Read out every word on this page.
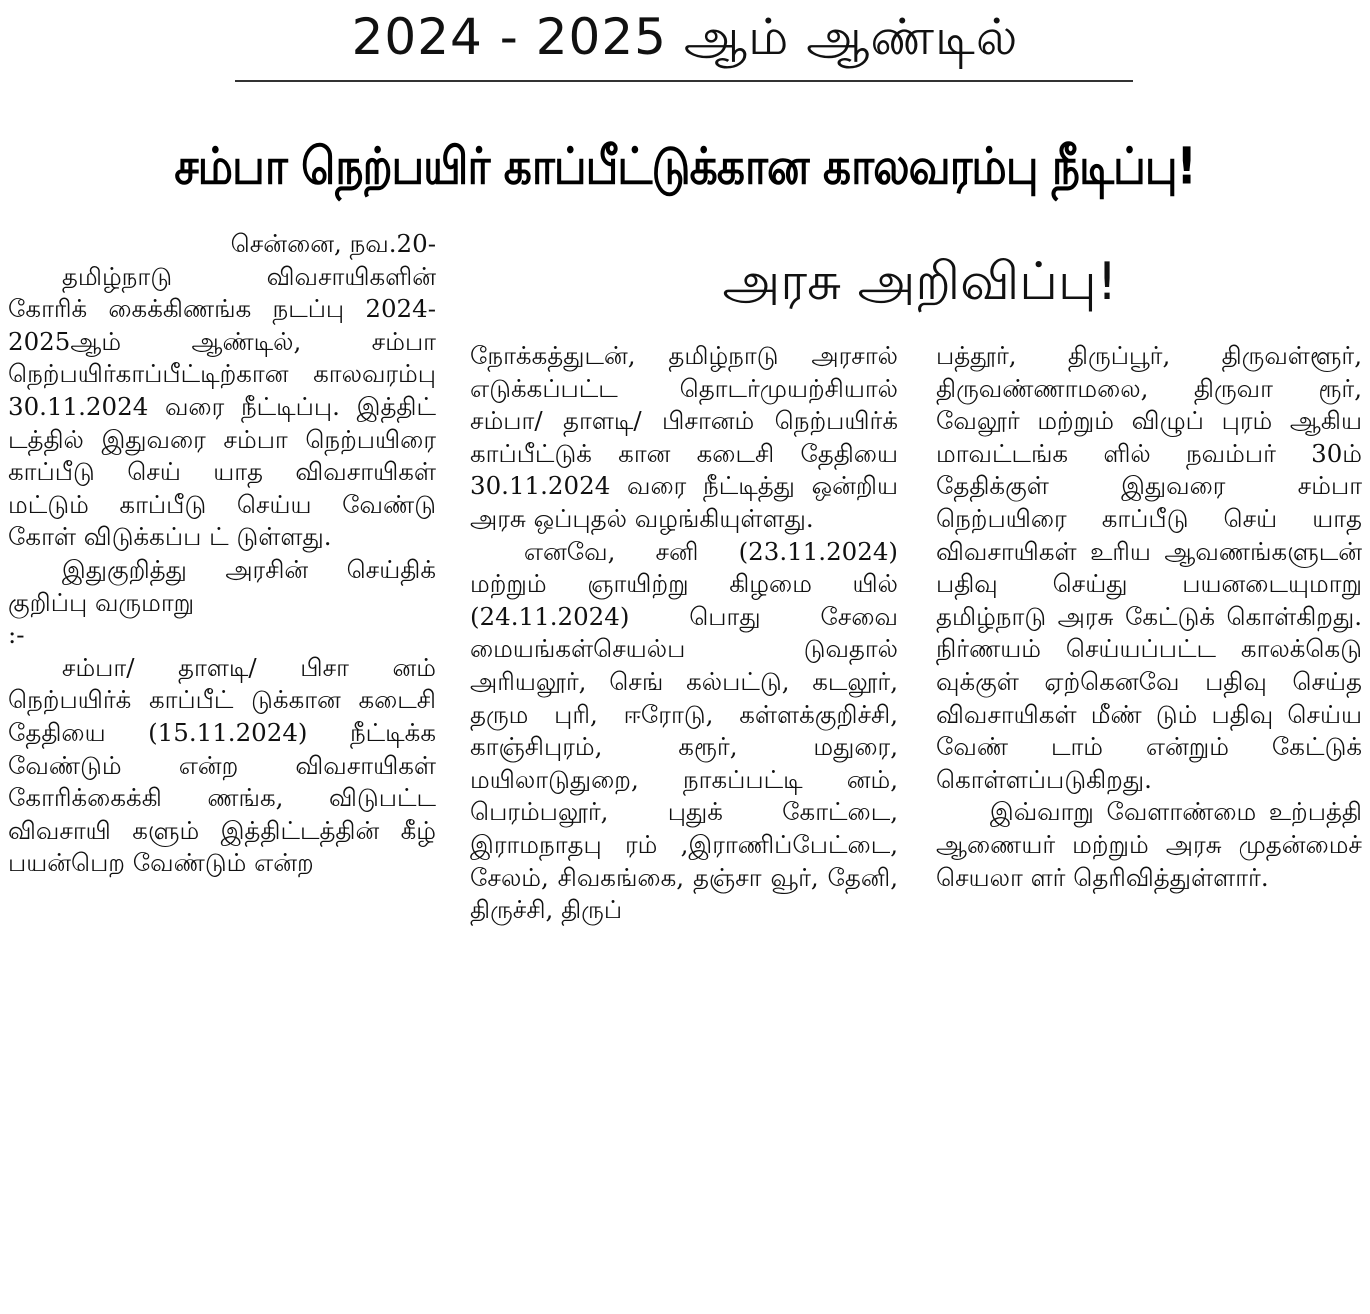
2024 - 2025 ஆம் ஆண்டில்
சம்பா நெற்பயிர் காப்பீட்டுக்கான காலவரம்பு நீடிப்பு!
அரசு அறிவிப்பு!

சென்னை, நவ.20-

தமிழ்நாடு விவசாயிகளின் கோரிக் கைக்கிணங்க நடப்பு 2024-2025ஆம் ஆண்டில், சம்பா நெற்பயிர்காப்பீட்டிற்கான காலவரம்பு 30.11.2024 வரை நீட்டிப்பு. இத்திட் டத்தில் இதுவரை சம்பா நெற்பயிரை காப்பீடு செய் யாத விவசாயிகள் மட்டும் காப்பீடு செய்ய வேண்டு கோள் விடுக்கப்ப ட் டுள்ளது.

இதுகுறித்து அரசின் செய்திக் குறிப்பு வருமாறு

:-

சம்பா/ தாளடி/ பிசா னம் நெற்பயிர்க் காப்பீட் டுக்கான கடைசி தேதியை (15.11.2024) நீட்டிக்க வேண்டும் என்ற விவசாயிகள் கோரிக்கைக்கி ணங்க, விடுபட்ட விவசாயி களும் இத்திட்டத்தின் கீழ் பயன்பெற வேண்டும் என்ற

நோக்கத்துடன், தமிழ்நாடு அரசால் எடுக்கப்பட்ட தொடர்முயற்சியால் சம்பா/ தாளடி/ பிசானம் நெற்பயிர்க் காப்பீட்டுக் கான கடைசி தேதியை 30.11.2024 வரை நீட்டித்து ஒன்றிய அரசு ஒப்புதல் வழங்கியுள்ளது.

எனவே, சனி (23.11.2024) மற்றும் ஞாயிற்று கிழமை யில் (24.11.2024) பொது சேவை மையங்கள்செயல்ப டுவதால் அரியலூர், செங் கல்பட்டு, கடலூர், தரும புரி, ஈரோடு, கள்ளக்குறிச்சி, காஞ்சிபுரம், கரூர், மதுரை, மயிலாடுதுறை, நாகப்பட்டி னம், பெரம்பலூர், புதுக் கோட்டை, இராமநாதபு ரம் ,இராணிப்பேட்டை, சேலம், சிவகங்கை, தஞ்சா வூர், தேனி, திருச்சி, திருப்

பத்தூர், திருப்பூர், திருவள்ளூர், திருவண்ணாமலை, திருவா ரூர், வேலூர் மற்றும் விழுப் புரம் ஆகிய மாவட்டங்க ளில் நவம்பர் 30ம் தேதிக்குள் இதுவரை சம்பா நெற்பயிரை காப்பீடு செய் யாத விவசாயிகள் உரிய ஆவணங்களுடன் பதிவு செய்து பயனடையுமாறு தமிழ்நாடு அரசு கேட்டுக் கொள்கிறது. நிர்ணயம் செய்யப்பட்ட காலக்கெடு வுக்குள் ஏற்கெனவே பதிவு செய்த விவசாயிகள் மீண் டும் பதிவு செய்ய வேண் டாம் என்றும் கேட்டுக் கொள்ளப்படுகிறது.

இவ்வாறு வேளாண்மை உற்பத்தி ஆணையர் மற்றும் அரசு முதன்மைச் செயலா ளர் தெரிவித்துள்ளார்.
